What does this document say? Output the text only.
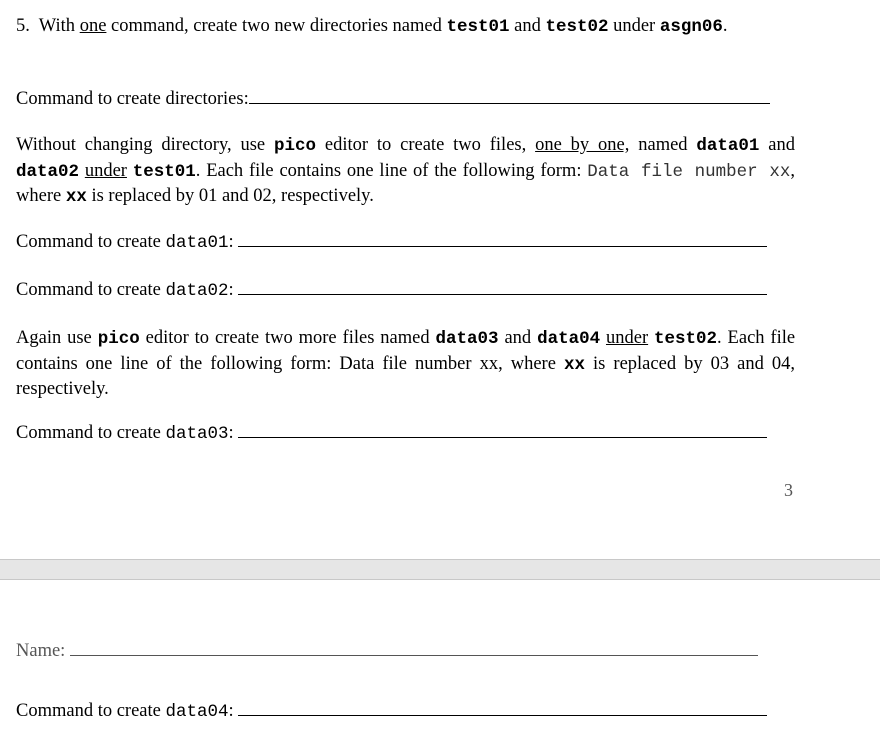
5. With one command, create two new directories named test01 and test02 under asgn06.
Command to create directories:
Without changing directory, use pico editor to create two files, one by one, named data01 and data02 under test01. Each file contains one line of the following form: Data file number xx, where xx is replaced by 01 and 02, respectively.
Command to create data01:
Command to create data02:
Again use pico editor to create two more files named data03 and data04 under test02. Each file contains one line of the following form: Data file number xx, where xx is replaced by 03 and 04, respectively.
Command to create data03:
3
Name:
Command to create data04:
